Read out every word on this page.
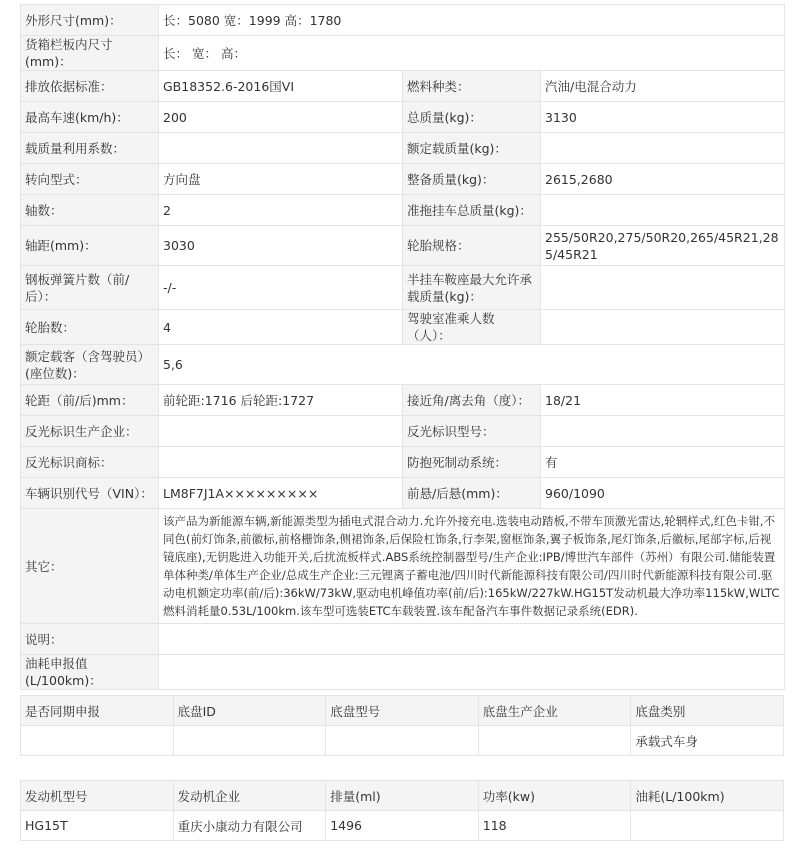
外形尺寸(mm)：	长：5080 宽：1999 高：1780		
货箱栏板内尺寸(mm)：	长： 宽： 高：		
排放依据标准：	GB18352.6-2016国VI	燃料种类：	汽油/电混合动力
最高车速(km/h)：	200	总质量(kg)：	3130
载质量利用系数：		额定载质量(kg)：	
转向型式：	方向盘	整备质量(kg)：	2615,2680
轴数：	2	准拖挂车总质量(kg)：	
轴距(mm)：	3030	轮胎规格：	255/50R20,275/50R20,265/45R21,285/45R21
钢板弹簧片数（前/后）：	-/-	半挂车鞍座最大允许承载质量(kg)：	
轮胎数：	4	驾驶室准乘人数（人）：	
额定载客（含驾驶员）(座位数)：	5,6		
轮距（前/后)mm：	前轮距:1716 后轮距:1727	接近角/离去角（度）：	18/21
反光标识生产企业：		反光标识型号：	
反光标识商标：		防抱死制动系统：	有
车辆识别代号（VIN）：	LM8F7J1A×××××××××	前悬/后悬(mm)：	960/1090
其它：	该产品为新能源车辆,新能源类型为插电式混合动力.允许外接充电.选装电动踏板,不带车顶激光雷达,轮辋样式,红色卡钳,不同色(前灯饰条,前徽标,前格栅饰条,侧裙饰条,后保险杠饰条,行李架,窗框饰条,翼子板饰条,尾灯饰条,后徽标,尾部字标,后视镜底座),无钥匙进入功能开关,后扰流板样式.ABS系统控制器型号/生产企业:IPB/博世汽车部件（苏州）有限公司.储能装置单体种类/单体生产企业/总成生产企业:三元锂离子蓄电池/四川时代新能源科技有限公司/四川时代新能源科技有限公司.驱动电机额定功率(前/后):36kW/73kW,驱动电机峰值功率(前/后):165kW/227kW.HG15T发动机最大净功率115kW,WLTC燃料消耗量0.53L/100km.该车型可选装ETC车载装置.该车配备汽车事件数据记录系统(EDR).		
说明：			
油耗申报值(L/100km)：			
是否同期申报	底盘ID	底盘型号	底盘生产企业	底盘类别
				承载式车身
发动机型号	发动机企业	排量(ml)	功率(kw)	油耗(L/100km)
HG15T	重庆小康动力有限公司	1496	118	
